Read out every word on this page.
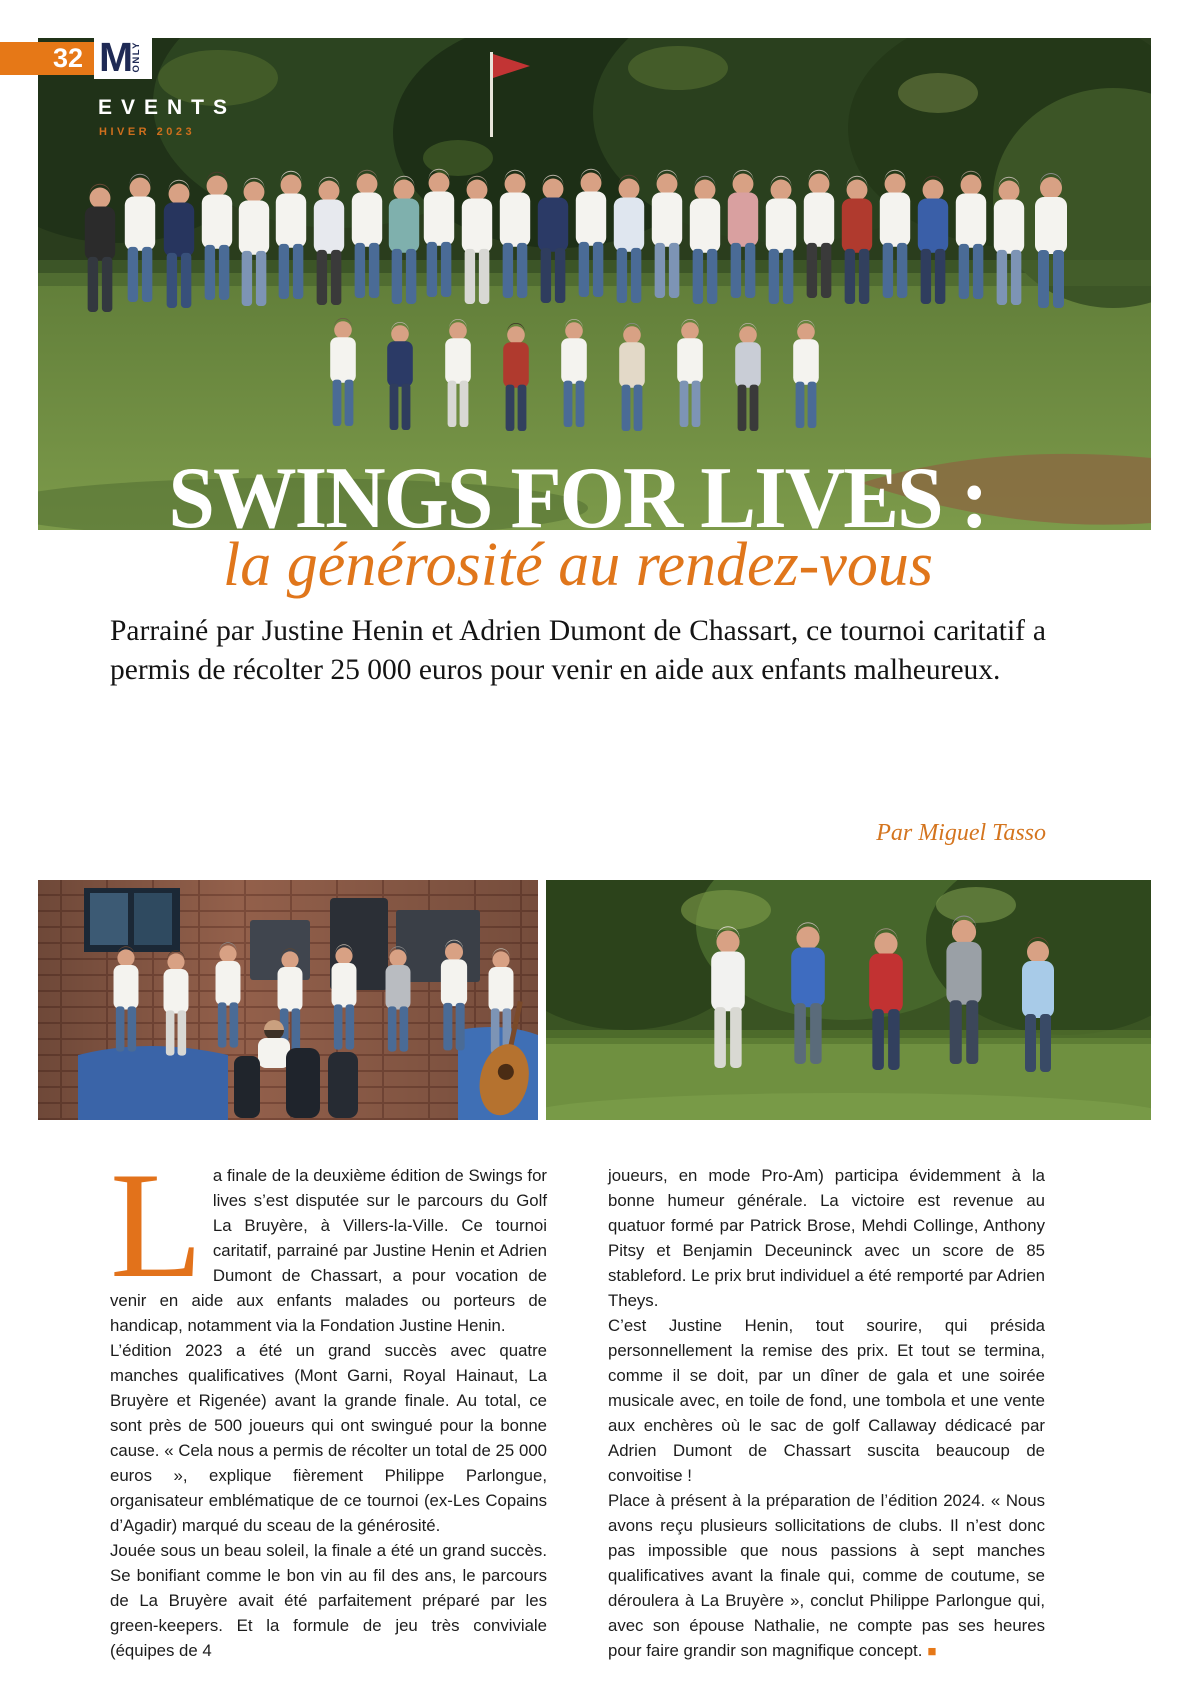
32 M ONLY
EVENTS
HIVER 2023
SWINGS FOR LIVES :
la générosité au rendez-vous
Parrainé par Justine Henin et Adrien Dumont de Chassart, ce tournoi caritatif a permis de récolter 25 000 euros pour venir en aide aux enfants malheureux.
Par Miguel Tasso

La finale de la deuxième édition de Swings for lives s’est disputée sur le parcours du Golf La Bruyère, à Villers-la-Ville. Ce tournoi caritatif, parrainé par Justine Henin et Adrien Dumont de Chassart, a pour vocation de venir en aide aux enfants malades ou porteurs de handicap, notamment via la Fondation Justine Henin.

L’édition 2023 a été un grand succès avec quatre manches qualificatives (Mont Garni, Royal Hainaut, La Bruyère et Rigenée) avant la grande finale. Au total, ce sont près de 500 joueurs qui ont swingué pour la bonne cause. « Cela nous a permis de récolter un total de 25 000 euros », explique fièrement Philippe Parlongue, organisateur emblématique de ce tournoi (ex-Les Copains d’Agadir) marqué du sceau de la générosité.

Jouée sous un beau soleil, la finale a été un grand succès. Se bonifiant comme le bon vin au fil des ans, le parcours de La Bruyère avait été parfaitement préparé par les green-keepers. Et la formule de jeu très conviviale (équipes de 4

joueurs, en mode Pro-Am) participa évidemment à la bonne humeur générale. La victoire est revenue au quatuor formé par Patrick Brose, Mehdi Collinge, Anthony Pitsy et Benjamin Deceuninck avec un score de 85 stableford. Le prix brut individuel a été remporté par Adrien Theys.

C’est Justine Henin, tout sourire, qui présida personnellement la remise des prix. Et tout se termina, comme il se doit, par un dîner de gala et une soirée musicale avec, en toile de fond, une tombola et une vente aux enchères où le sac de golf Callaway dédicacé par Adrien Dumont de Chassart suscita beaucoup de convoitise !

Place à présent à la préparation de l’édition 2024. « Nous avons reçu plusieurs sollicitations de clubs. Il n’est donc pas impossible que nous passions à sept manches qualificatives avant la finale qui, comme de coutume, se déroulera à La Bruyère », conclut Philippe Parlongue qui, avec son épouse Nathalie, ne compte pas ses heures pour faire grandir son magnifique concept. ■
